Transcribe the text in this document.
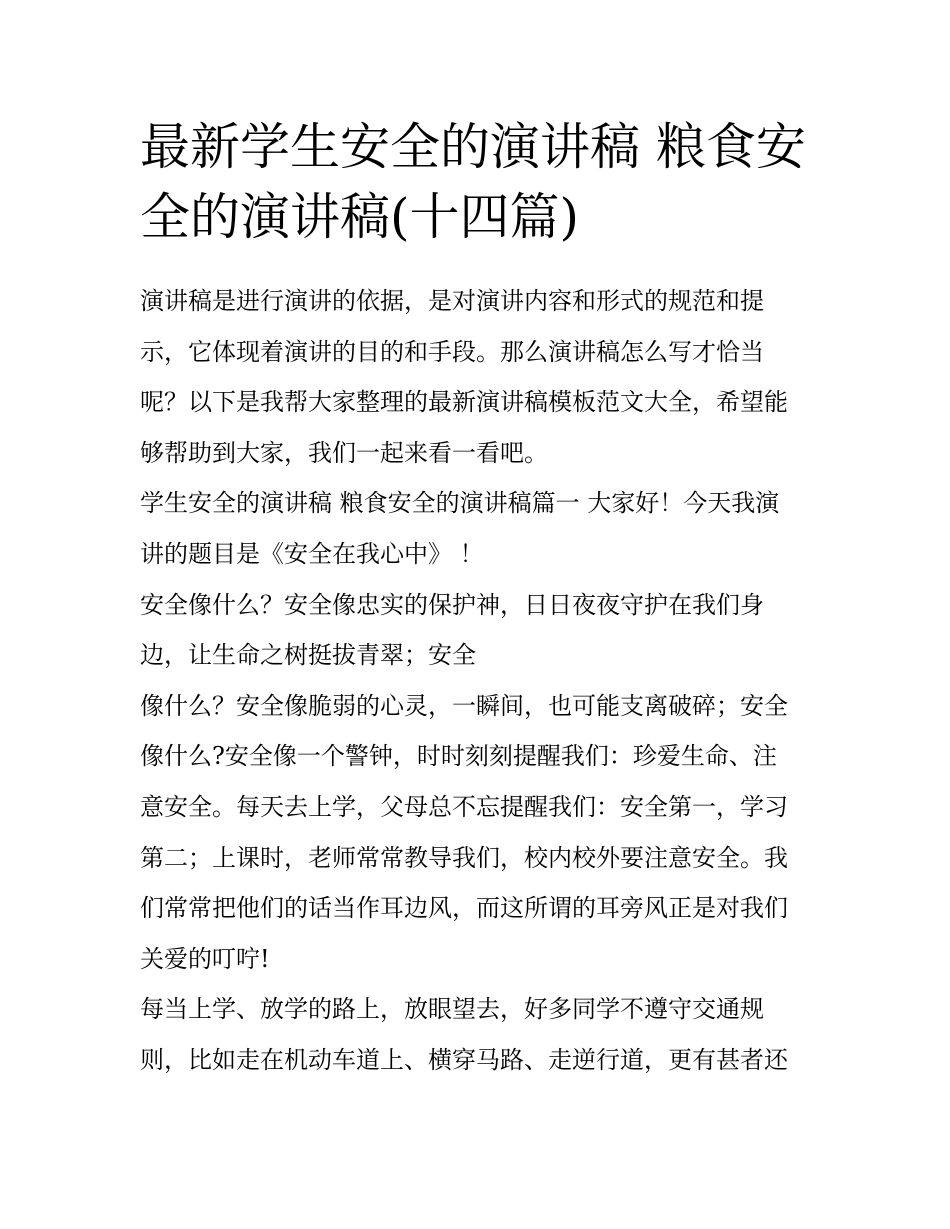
最新学生安全的演讲稿 粮食安
全的演讲稿(十四篇)

演讲稿是进行演讲的依据，是对演讲内容和形式的规范和提
示，它体现着演讲的目的和手段。那么演讲稿怎么写才恰当
呢？以下是我帮大家整理的最新演讲稿模板范文大全，希望能
够帮助到大家，我们一起来看一看吧。

学生安全的演讲稿 粮食安全的演讲稿篇一 大家好！今天我演
讲的题目是《安全在我心中》 ！

安全像什么？安全像忠实的保护神，日日夜夜守护在我们身
边，让生命之树挺拔青翠；安全

像什么？安全像脆弱的心灵，一瞬间，也可能支离破碎；安全
像什么?安全像一个警钟，时时刻刻提醒我们：珍爱生命、注
意安全。每天去上学，父母总不忘提醒我们：安全第一，学习
第二；上课时，老师常常教导我们，校内校外要注意安全。我
们常常把他们的话当作耳边风，而这所谓的耳旁风正是对我们
关爱的叮咛!

每当上学、放学的路上，放眼望去，好多同学不遵守交通规
则，比如走在机动车道上、横穿马路、走逆行道，更有甚者还
